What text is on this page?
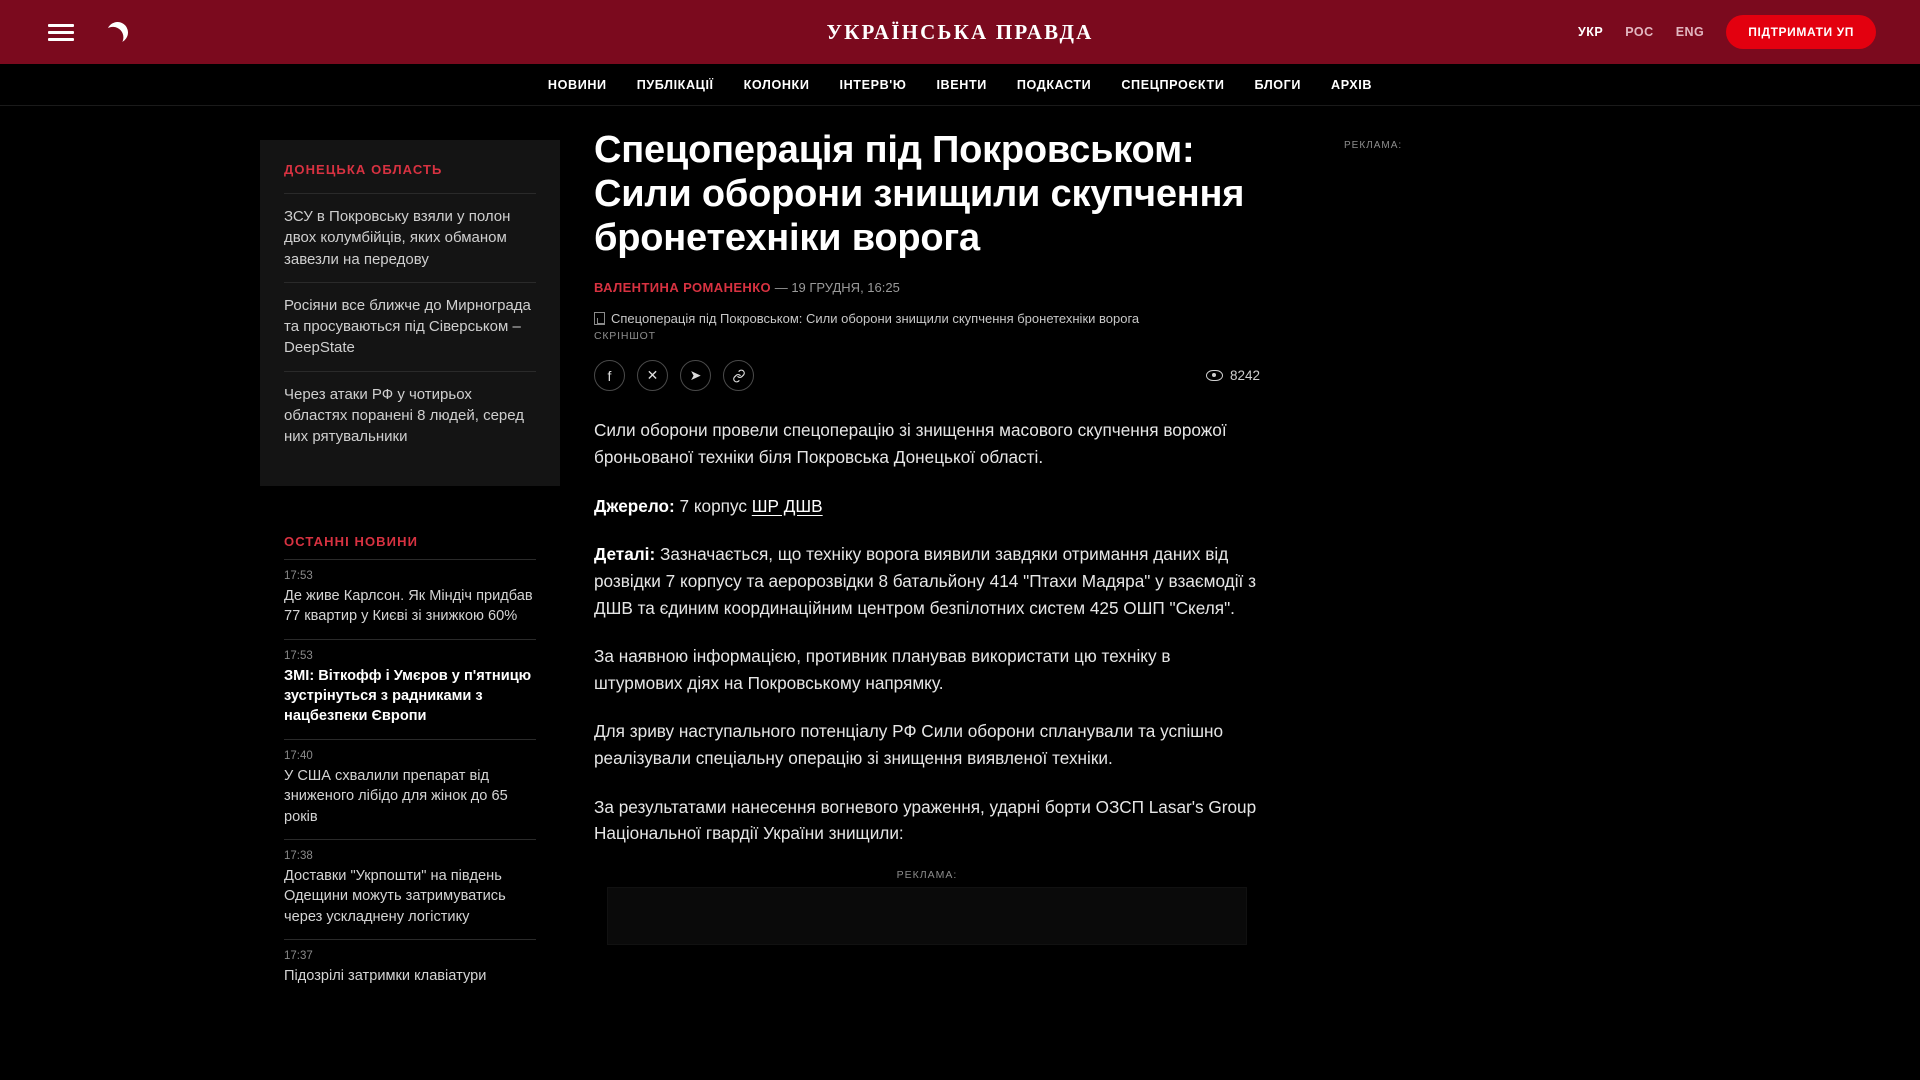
УКРАЇНСЬКА ПРАВДА	УКР РОС ENG	ПІДТРИМАТИ УП
НОВИНИ ПУБЛІКАЦІЇ КОЛОНКИ ІНТЕРВ'Ю ІВЕНТИ ПОДКАСТИ СПЕЦПРОЄКТИ БЛОГИ АРХІВ
ДОНЕЦЬКА ОБЛАСТЬ
ЗСУ в Покровську взяли у полон двох колумбійців, яких обманом завезли на передову
Росіяни все ближче до Мирнограда та просуваються під Сіверськом – DeepState
Через атаки РФ у чотирьох областях поранені 8 людей, серед них рятувальники
ОСТАННІ НОВИНИ
17:53
Де живе Карлсон. Як Міндіч придбав 77 квартир у Києві зі знижкою 60%
17:53
ЗМІ: Віткофф і Умєров у п'ятницю зустрінуться з радниками з нацбезпеки Європи
17:40
У США схвалили препарат від зниженого лібідо для жінок до 65 років
17:38
Доставки "Укрпошти" на південь Одещини можуть затримуватись через ускладнену логістику
17:37
Підозрілі затримки клавіатури
Спецоперація під Покровськом: Сили оборони знищили скупчення бронетехніки ворога
ВАЛЕНТИНА РОМАНЕНКО — 19 ГРУДНЯ, 16:25
Спецоперація під Покровськом: Сили оборони знищили скупчення бронетехніки ворога
СКРІНШОТ
f	✕	➤	8242

Сили оборони провели спецоперацію зі знищення масового скупчення ворожої броньованої техніки біля Покровська Донецької області.

Джерело: 7 корпус ШР ДШВ

Деталі: Зазначається, що техніку ворога виявили завдяки отримання даних від розвідки 7 корпусу та аеророзвідки 8 батальйону 414 "Птахи Мадяра" у взаємодії з ДШВ та єдиним координаційним центром безпілотних систем 425 ОШП "Скеля".

За наявною інформацією, противник планував використати цю техніку в штурмових діях на Покровському напрямку.

Для зриву наступального потенціалу РФ Сили оборони спланували та успішно реалізували спеціальну операцію зі знищення виявленої техніки.

За результатами нанесення вогневого ураження, ударні борти ОЗСП Lasar's Group Національної гвардії України знищили:

РЕКЛАМА:
РЕКЛАМА:
